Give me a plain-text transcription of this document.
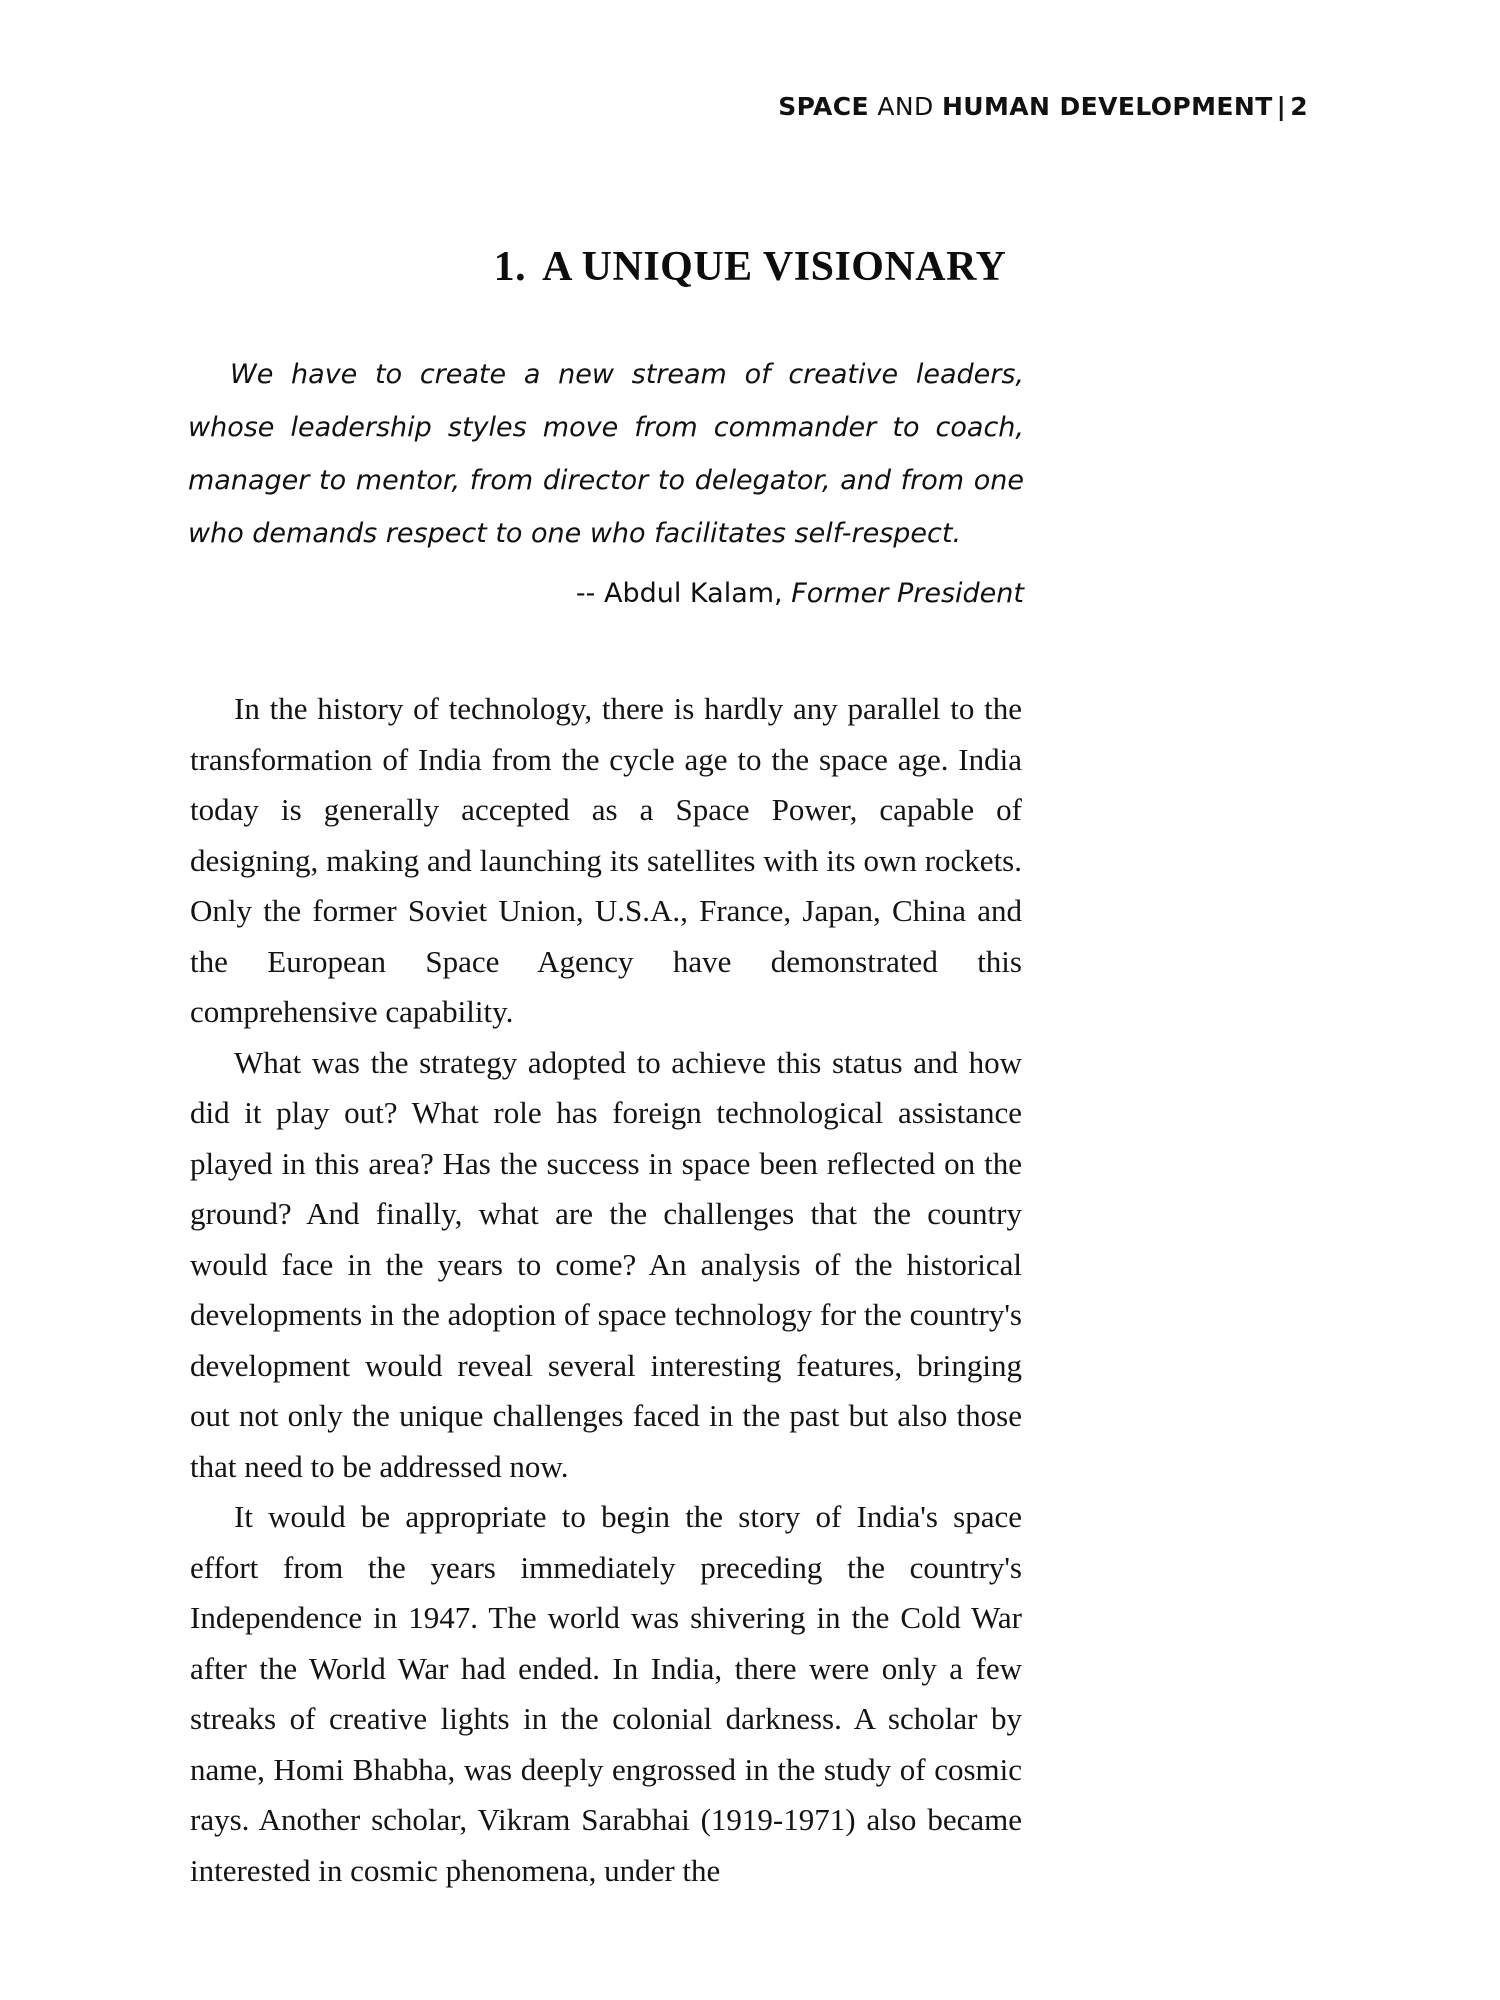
SPACE AND HUMAN DEVELOPMENT | 2
1. A UNIQUE VISIONARY

We have to create a new stream of creative leaders, whose leadership styles move from commander to coach, manager to mentor, from director to delegator, and from one who demands respect to one who facilitates self-respect.

-- Abdul Kalam, Former President

In the history of technology, there is hardly any parallel to the transformation of India from the cycle age to the space age. India today is generally accepted as a Space Power, capable of designing, making and launching its satellites with its own rockets. Only the former Soviet Union, U.S.A., France, Japan, China and the European Space Agency have demonstrated this comprehensive capability.

What was the strategy adopted to achieve this status and how did it play out? What role has foreign technological assistance played in this area? Has the success in space been reflected on the ground? And finally, what are the challenges that the country would face in the years to come? An analysis of the historical developments in the adoption of space technology for the country's development would reveal several interesting features, bringing out not only the unique challenges faced in the past but also those that need to be addressed now.

It would be appropriate to begin the story of India's space effort from the years immediately preceding the country's Independence in 1947. The world was shivering in the Cold War after the World War had ended. In India, there were only a few streaks of creative lights in the colonial darkness. A scholar by name, Homi Bhabha, was deeply engrossed in the study of cosmic rays. Another scholar, Vikram Sarabhai (1919-1971) also became interested in cosmic phenomena, under the
